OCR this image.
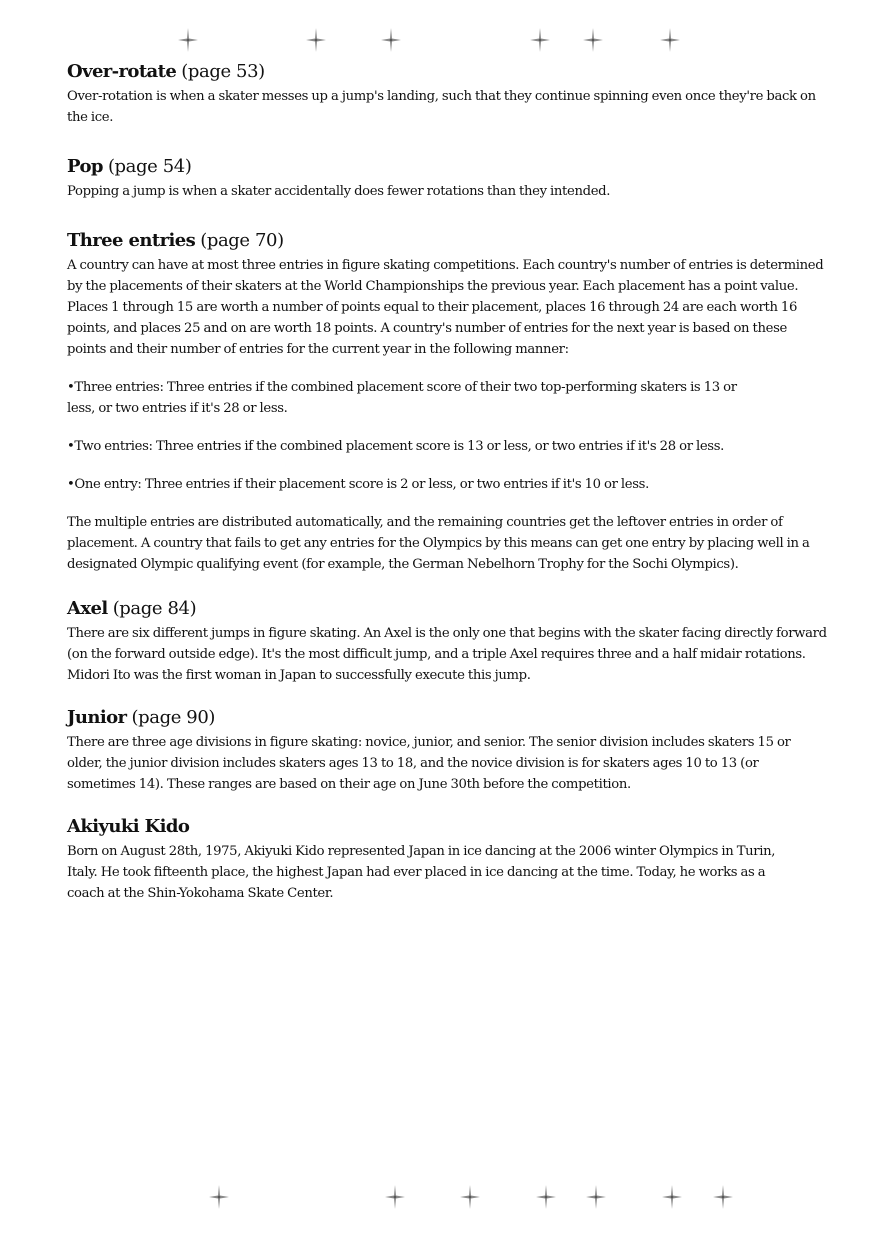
Over-rotate (page 53)

Over-rotation is when a skater messes up a jump's landing, such that they continue spinning even once they're back on the ice.

Pop (page 54)

Popping a jump is when a skater accidentally does fewer rotations than they intended.

Three entries (page 70)

A country can have at most three entries in figure skating competitions. Each country's number of entries is determined by the placements of their skaters at the World Championships the previous year. Each placement has a point value. Places 1 through 15 are worth a number of points equal to their placement, places 16 through 24 are each worth 16 points, and places 25 and on are worth 18 points. A country's number of entries for the next year is based on these points and their number of entries for the current year in the following manner:

•Three entries: Three entries if the combined placement score of their two top-performing skaters is 13 or less, or two entries if it's 28 or less.

•Two entries: Three entries if the combined placement score is 13 or less, or two entries if it's 28 or less.

•One entry: Three entries if their placement score is 2 or less, or two entries if it's 10 or less.

The multiple entries are distributed automatically, and the remaining countries get the leftover entries in order of placement. A country that fails to get any entries for the Olympics by this means can get one entry by placing well in a designated Olympic qualifying event (for example, the German Nebelhorn Trophy for the Sochi Olympics).

Axel (page 84)

There are six different jumps in figure skating. An Axel is the only one that begins with the skater facing directly forward (on the forward outside edge). It's the most difficult jump, and a triple Axel requires three and a half midair rotations. Midori Ito was the first woman in Japan to successfully execute this jump.

Junior (page 90)

There are three age divisions in figure skating: novice, junior, and senior. The senior division includes skaters 15 or older, the junior division includes skaters ages 13 to 18, and the novice division is for skaters ages 10 to 13 (or sometimes 14). These ranges are based on their age on June 30th before the competition.

Akiyuki Kido

Born on August 28th, 1975, Akiyuki Kido represented Japan in ice dancing at the 2006 winter Olympics in Turin, Italy. He took fifteenth place, the highest Japan had ever placed in ice dancing at the time. Today, he works as a coach at the Shin-Yokohama Skate Center.
